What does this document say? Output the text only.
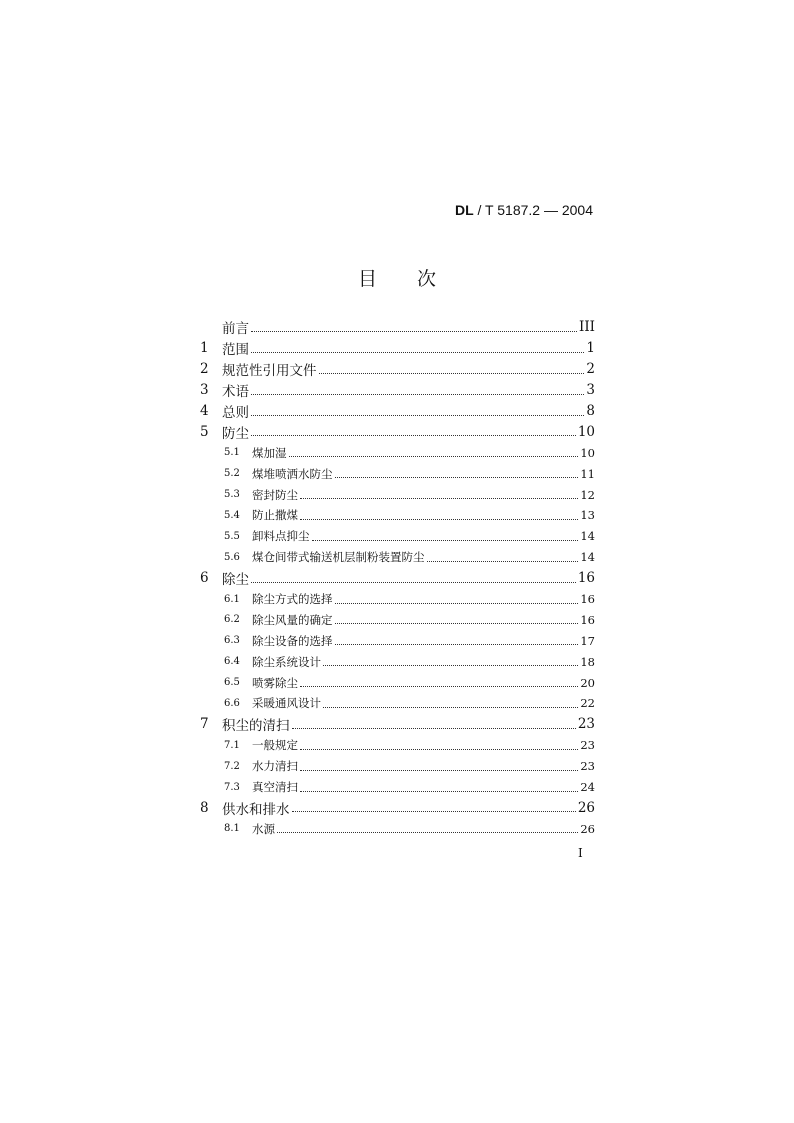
DL / T 5187.2 — 2004
目次
前言	III
1 范围	1
2 规范性引用文件	2
3 术语	3
4 总则	8
5 防尘	10
5.1	煤加湿	10
5.2	煤堆喷洒水防尘	11
5.3	密封防尘	12
5.4	防止撒煤	13
5.5	卸料点抑尘	14
5.6	煤仓间带式输送机层制粉装置防尘	14
6 除尘	16
6.1	除尘方式的选择	16
6.2	除尘风量的确定	16
6.3	除尘设备的选择	17
6.4	除尘系统设计	18
6.5	喷雾除尘	20
6.6	采暖通风设计	22
7 积尘的清扫	23
7.1	一般规定	23
7.2	水力清扫	23
7.3	真空清扫	24
8 供水和排水	26
8.1	水源	26
I
